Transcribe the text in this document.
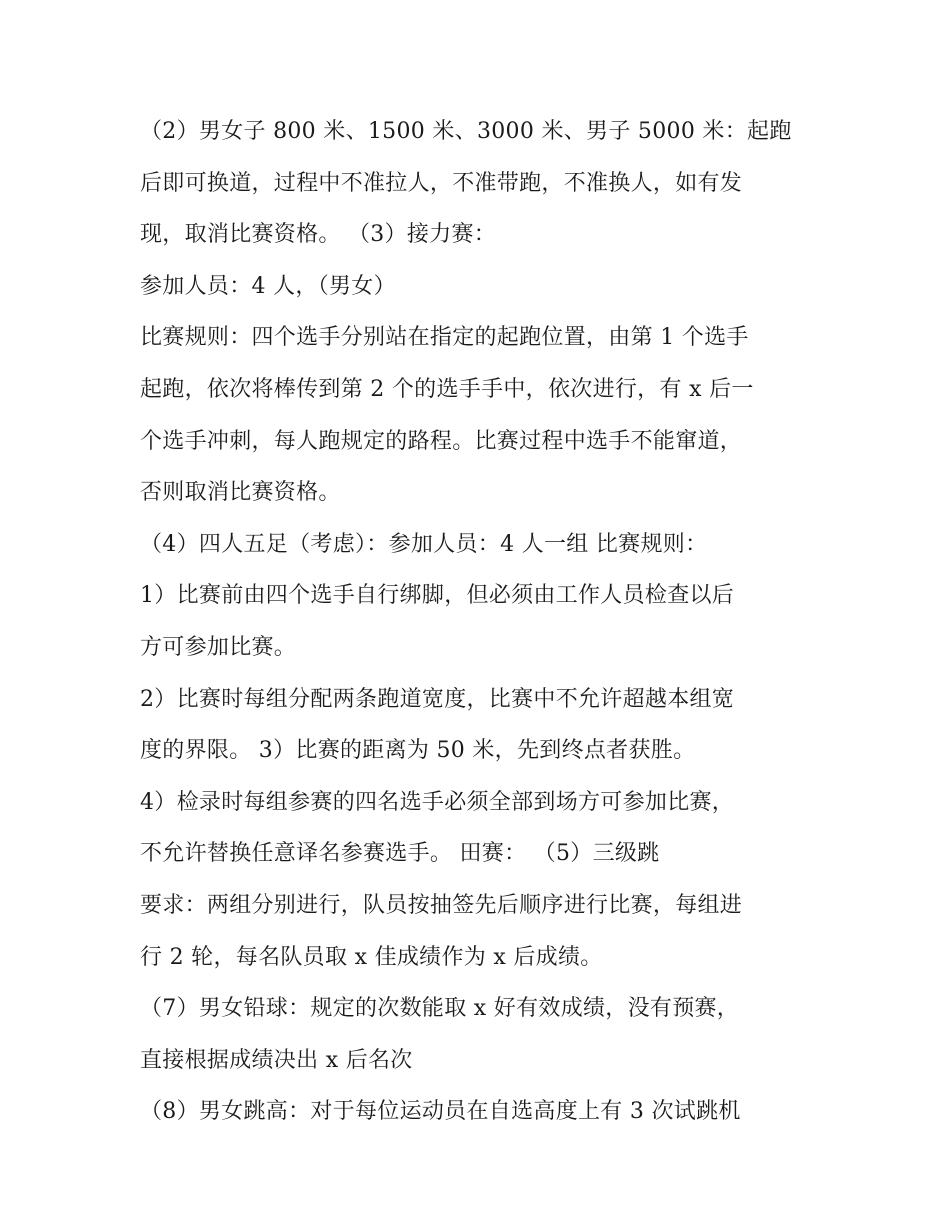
（2）男女子 800 米、1500 米、3000 米、男子 5000 米：起跑
后即可换道，过程中不准拉人，不准带跑，不准换人，如有发
现，取消比赛资格。 （3）接力赛：
参加人员：4 人，（男女）
比赛规则：四个选手分别站在指定的起跑位置，由第 1 个选手
起跑，依次将棒传到第 2 个的选手手中，依次进行，有 x 后一
个选手冲刺，每人跑规定的路程。比赛过程中选手不能窜道，
否则取消比赛资格。
（4）四人五足（考虑）：参加人员：4 人一组 比赛规则：
1）比赛前由四个选手自行绑脚，但必须由工作人员检查以后
方可参加比赛。
2）比赛时每组分配两条跑道宽度，比赛中不允许超越本组宽
度的界限。 3）比赛的距离为 50 米，先到终点者获胜。
4）检录时每组参赛的四名选手必须全部到场方可参加比赛，
不允许替换任意译名参赛选手。 田赛： （5）三级跳
要求：两组分别进行，队员按抽签先后顺序进行比赛，每组进
行 2 轮，每名队员取 x 佳成绩作为 x 后成绩。
（7）男女铅球：规定的次数能取 x 好有效成绩，没有预赛，
直接根据成绩决出 x 后名次
（8）男女跳高：对于每位运动员在自选高度上有 3 次试跳机
